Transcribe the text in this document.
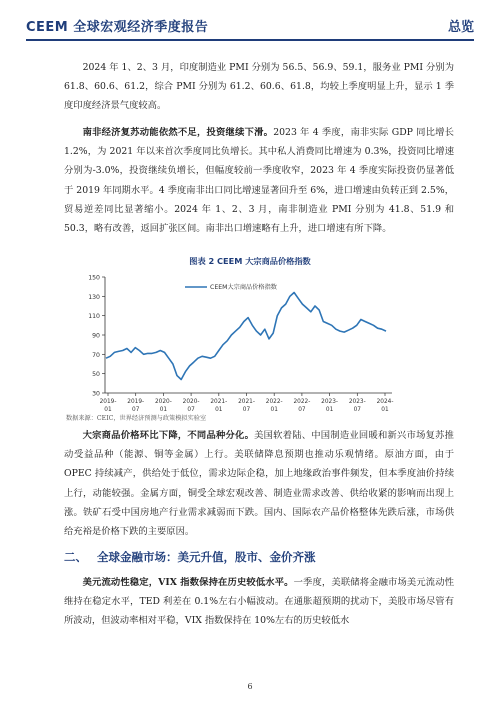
CEEM 全球宏观经济季度报告	总览

2024 年 1、2、3 月，印度制造业 PMI 分别为 56.5、56.9、59.1，服务业 PMI 分别为 61.8、60.6、61.2，综合 PMI 分别为 61.2、60.6、61.8，均较上季度明显上升，显示 1 季度印度经济景气度较高。

南非经济复苏动能依然不足，投资继续下滑。2023 年 4 季度，南非实际 GDP 同比增长 1.2%，为 2021 年以来首次季度同比负增长。其中私人消费同比增速为 0.3%，投资同比增速分别为-3.0%，投资继续负增长，但幅度较前一季度收窄，2023 年 4 季度实际投资仍显著低于 2019 年同期水平。4 季度南非出口同比增速显著回升至 6%，进口增速由负转正到 2.5%，贸易逆差同比显著缩小。2024 年 1、2、3 月，南非制造业 PMI 分别为 41.8、51.9 和 50.3，略有改善，返回扩张区间。南非出口增速略有上升，进口增速有所下降。

图表 2 CEEM 大宗商品价格指数
30
50
70
90
110
130
150
2019-
01
2019-
07
2020-
01
2020-
07
2021-
01
2021-
07
2022-
01
2022-
07
2023-
01
2023-
07
2024-
01
CEEM大宗商品价格指数
数据来源：CEIC，世界经济预测与政策模拟实验室

大宗商品价格环比下降，不同品种分化。美国软着陆、中国制造业回暖和新兴市场复苏推动受益品种（能源、铜等金属）上行。美联储降息预期也推动乐观情绪。原油方面，由于 OPEC 持续减产，供给处于低位，需求边际企稳，加上地缘政治事件频发，但本季度油价持续上行，动能较强。金属方面，铜受全球宏观改善、制造业需求改善、供给收紧的影响而出现上涨。铁矿石受中国房地产行业需求减弱而下跌。国内、国际农产品价格整体先跌后涨，市场供给充裕是价格下跌的主要原因。

二、 全球金融市场：美元升值，股市、金价齐涨

美元流动性稳定，VIX 指数保持在历史较低水平。一季度，美联储将金融市场美元流动性维持在稳定水平，TED 利差在 0.1%左右小幅波动。在通胀超预期的扰动下，美股市场尽管有所波动，但波动率相对平稳，VIX 指数保持在 10%左右的历史较低水

6
